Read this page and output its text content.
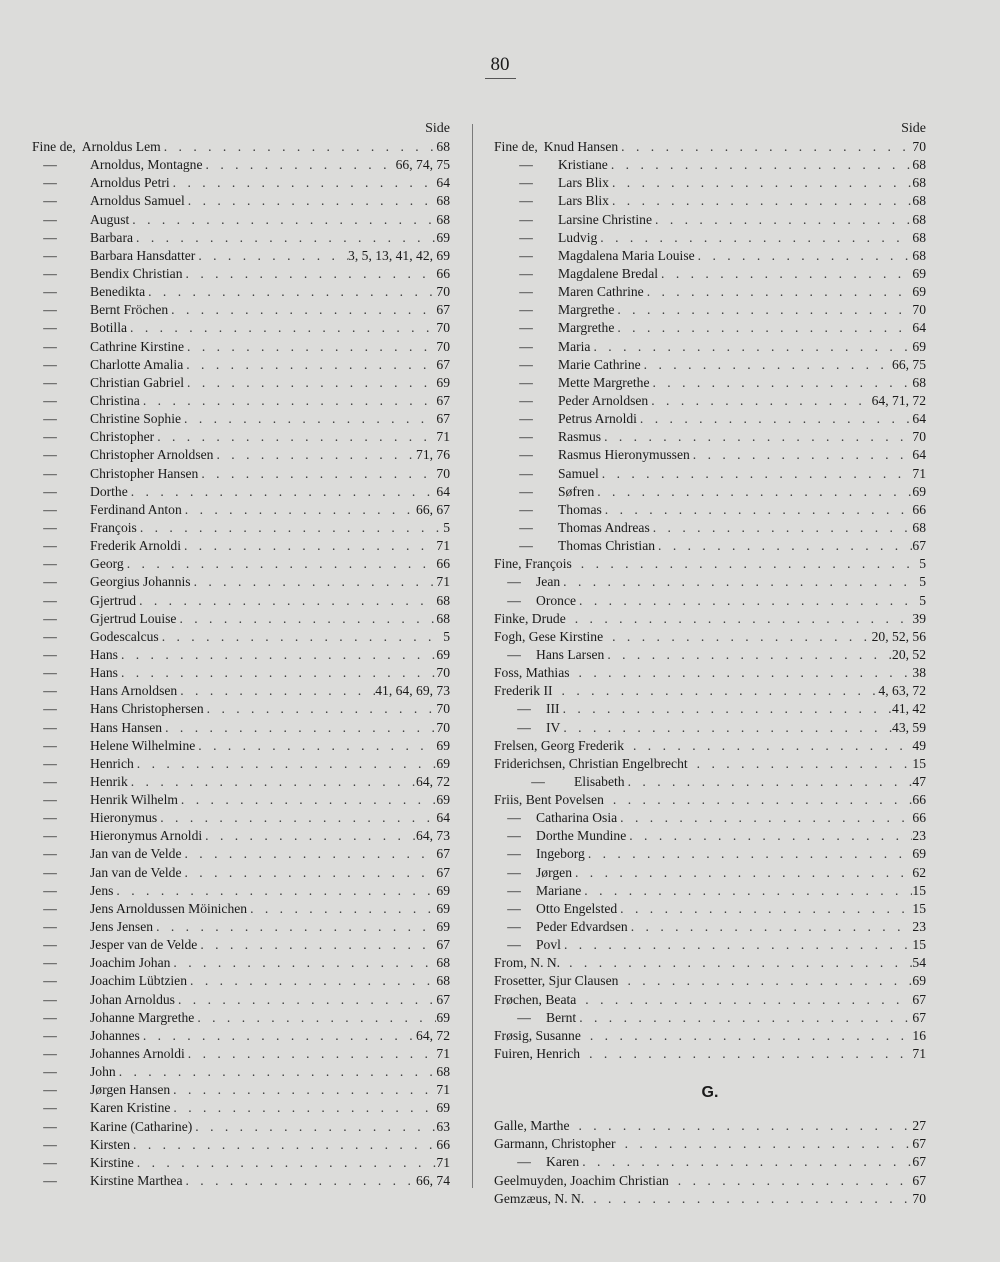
80
Side
Fine de, Arnoldus Lem . . .	68
—	Arnoldus, Montagne . . .	66, 74, 75
—	Arnoldus Petri . . .	64
—	Arnoldus Samuel . . .	68
—	August . . .	68
—	Barbara . . .	69
—	Barbara Hansdatter . . .	3, 5, 13, 41, 42, 69
—	Bendix Christian . . .	66
—	Benedikta . . .	70
—	Bernt Fröchen . . .	67
—	Botilla . . .	70
—	Cathrine Kirstine . . .	70
—	Charlotte Amalia . . .	67
—	Christian Gabriel . . .	69
—	Christina . . .	67
—	Christine Sophie . . .	67
—	Christopher . . .	71
—	Christopher Arnoldsen . . .	71, 76
—	Christopher Hansen . . .	70
—	Dorthe . . .	64
—	Ferdinand Anton . . .	66, 67
—	François . . .	5
—	Frederik Arnoldi . . .	71
—	Georg . . .	66
—	Georgius Johannis . . .	71
—	Gjertrud . . .	68
—	Gjertrud Louise . . .	68
—	Godescalcus . . .	5
—	Hans . . .	69
—	Hans . . .	70
—	Hans Arnoldsen . . .	41, 64, 69, 73
—	Hans Christophersen . . .	70
—	Hans Hansen . . .	70
—	Helene Wilhelmine . . .	69
—	Henrich . . .	69
—	Henrik . . .	64, 72
—	Henrik Wilhelm . . .	69
—	Hieronymus . . .	64
—	Hieronymus Arnoldi . . .	64, 73
—	Jan van de Velde . . .	67
—	Jan van de Velde . . .	67
—	Jens . . .	69
—	Jens Arnoldussen Möinichen . . .	69
—	Jens Jensen . . .	69
—	Jesper van de Velde . . .	67
—	Joachim Johan . . .	68
—	Joachim Lübtzien . . .	68
—	Johan Arnoldus . . .	67
—	Johanne Margrethe . . .	69
—	Johannes . . .	64, 72
—	Johannes Arnoldi . . .	71
—	John . . .	68
—	Jørgen Hansen . . .	71
—	Karen Kristine . . .	69
—	Karine (Catharine) . . .	63
—	Kirsten . . .	66
—	Kirstine . . .	71
—	Kirstine Marthea . . .	66, 74
Side
Fine de, Knud Hansen . . .	70
—	Kristiane . . .	68
—	Lars Blix . . .	68
—	Lars Blix . . .	68
—	Larsine Christine . . .	68
—	Ludvig . . .	68
—	Magdalena Maria Louise . . .	68
—	Magdalene Bredal . . .	69
—	Maren Cathrine . . .	69
—	Margrethe . . .	70
—	Margrethe . . .	64
—	Maria . . .	69
—	Marie Cathrine . . .	66, 75
—	Mette Margrethe . . .	68
—	Peder Arnoldsen . . .	64, 71, 72
—	Petrus Arnoldi . . .	64
—	Rasmus . . .	70
—	Rasmus Hieronymussen . . .	64
—	Samuel . . .	71
—	Søfren . . .	69
—	Thomas . . .	66
—	Thomas Andreas . . .	68
—	Thomas Christian . . .	67
Fine, François . . .	5
—	Jean . . .	5
—	Oronce . . .	5
Finke, Drude . . .	39
Fogh, Gese Kirstine . . .	20, 52, 56
—	Hans Larsen . . .	20, 52
Foss, Mathias . . .	38
Frederik II . . .	4, 63, 72
—	III . . .	41, 42
—	IV . . .	43, 59
Frelsen, Georg Frederik . . .	49
Friderichsen, Christian Engelbrecht . . .	15
—	Elisabeth . . .	47
Friis, Bent Povelsen . . .	66
—	Catharina Osia . . .	66
—	Dorthe Mundine . . .	23
—	Ingeborg . . .	69
—	Jørgen . . .	62
—	Mariane . . .	15
—	Otto Engelsted . . .	15
—	Peder Edvardsen . . .	23
—	Povl . . .	15
From, N. N. . . .	54
Frosetter, Sjur Clausen . . .	69
Frøchen, Beata . . .	67
—	Bernt . . .	67
Frøsig, Susanne . . .	16
Fuiren, Henrich . . .	71
G.
Galle, Marthe . . .	27
Garmann, Christopher . . .	67
—	Karen . . .	67
Geelmuyden, Joachim Christian . . .	67
Gemzæus, N. N. . . .	70
